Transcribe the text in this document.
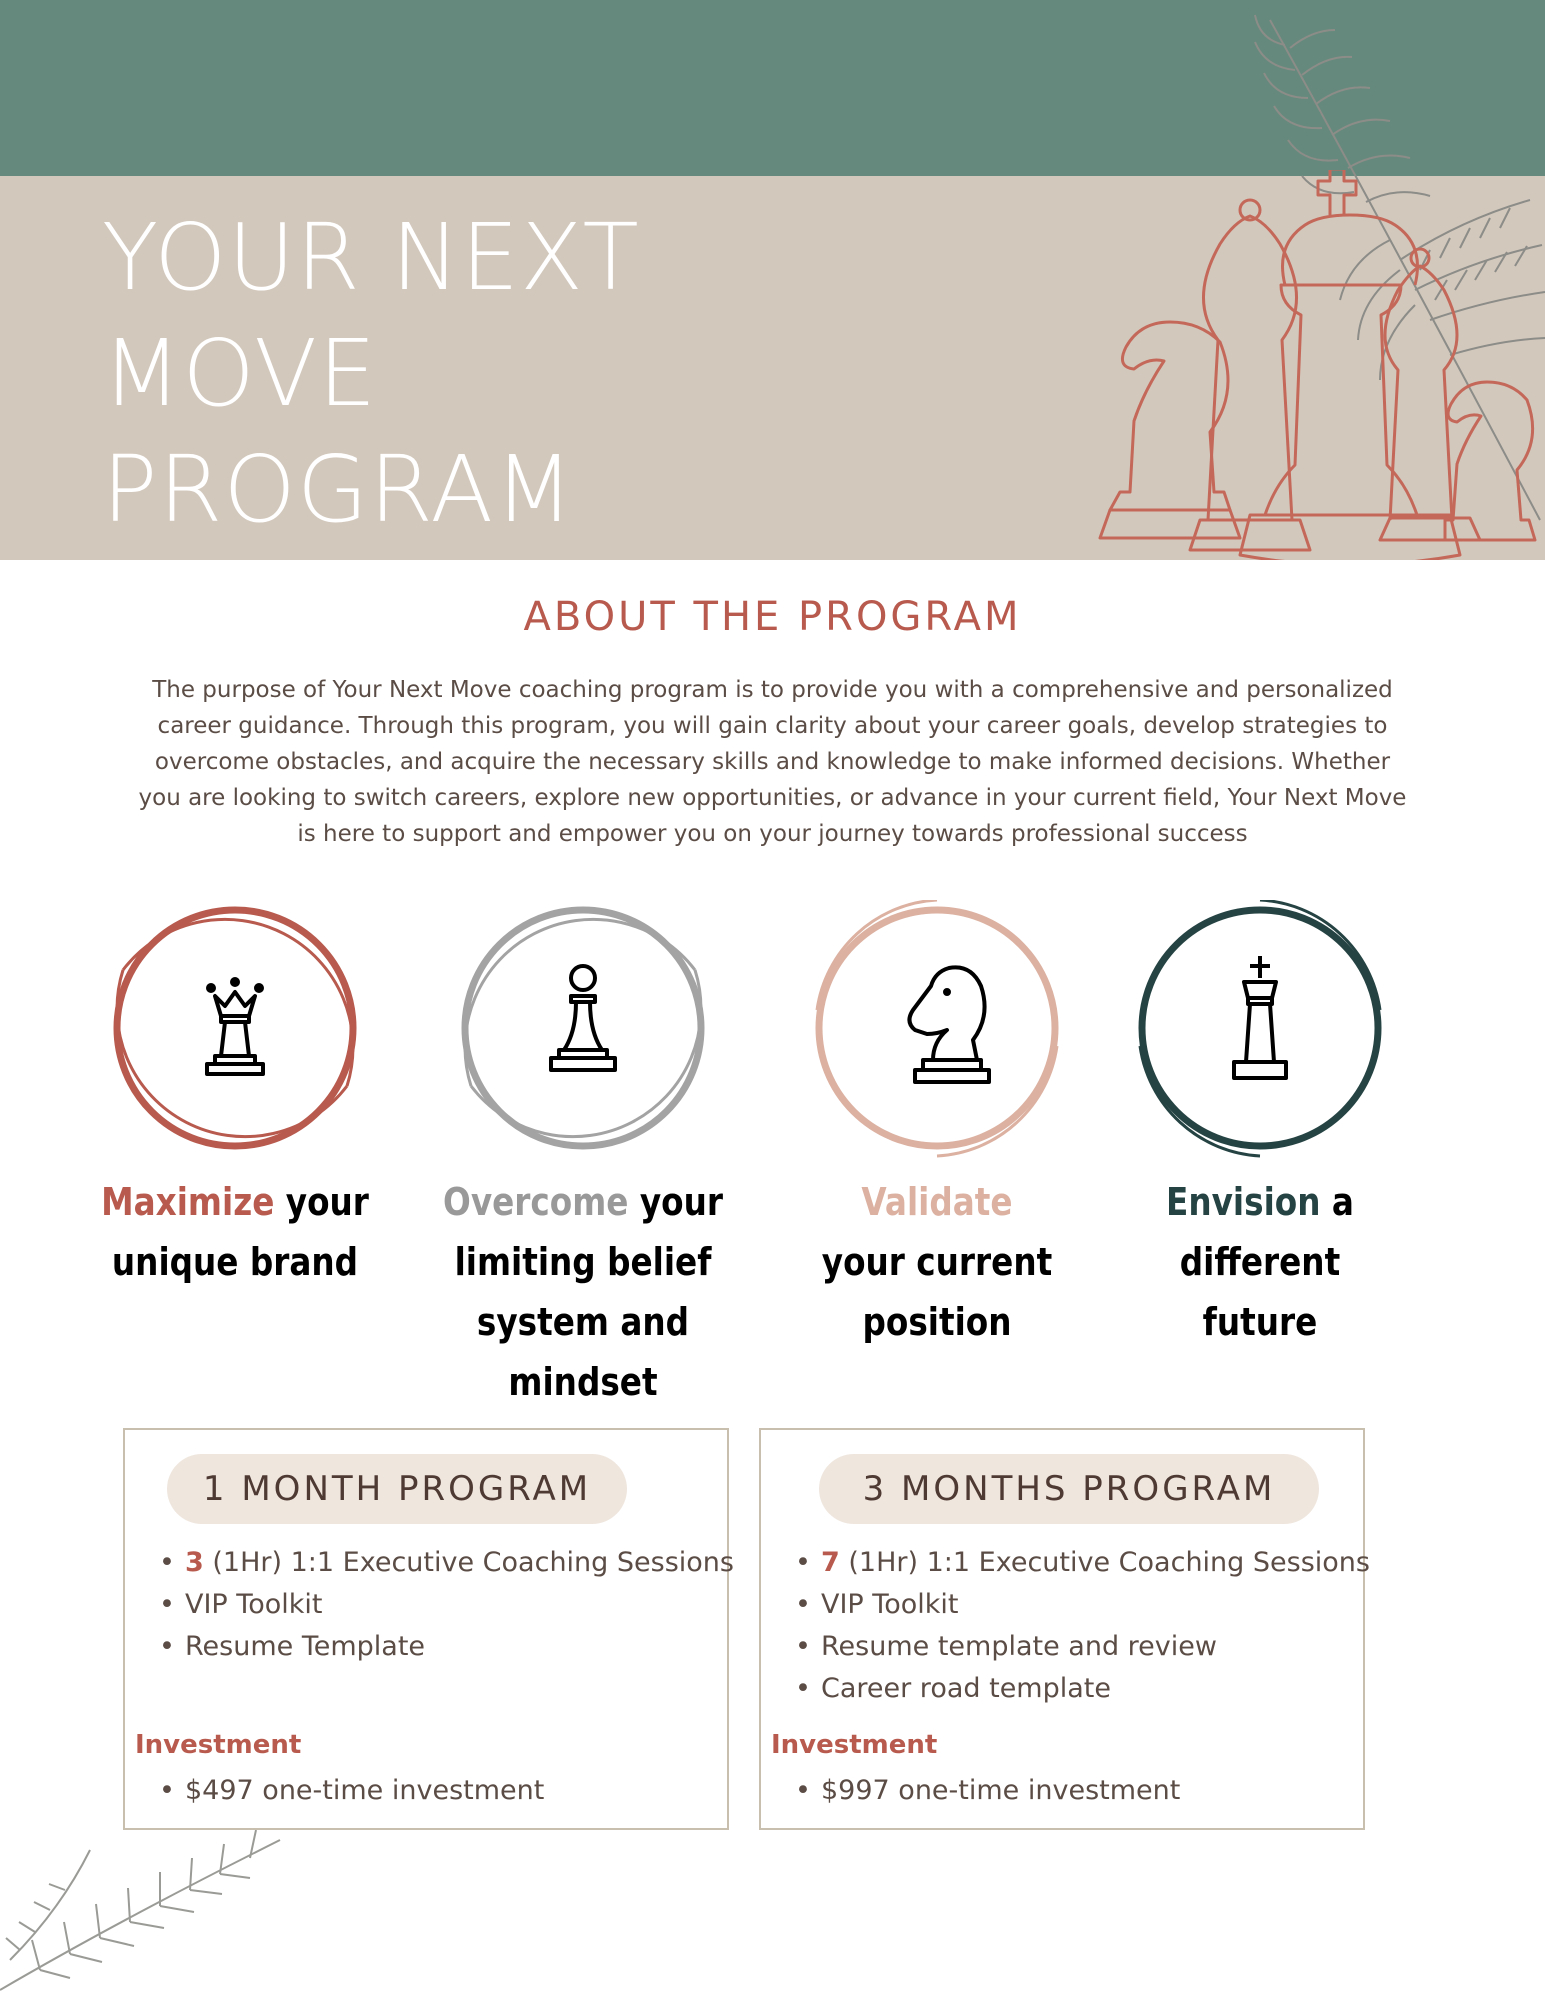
YOUR NEXT
MOVE
PROGRAM
ABOUT THE PROGRAM

The purpose of Your Next Move coaching program is to provide you with a comprehensive and personalized career guidance. Through this program, you will gain clarity about your career goals, develop strategies to overcome obstacles, and acquire the necessary skills and knowledge to make informed decisions. Whether you are looking to switch careers, explore new opportunities, or advance in your current field, Your Next Move is here to support and empower you on your journey towards professional success

Maximize your
unique brand
Overcome your
limiting belief
system and
mindset
Validate
your current
position
Envision a
different
future
1 MONTH PROGRAM
• 3 (1Hr) 1:1 Executive Coaching Sessions
• VIP Toolkit
• Resume Template
Investment
• $497 one-time investment
3 MONTHS PROGRAM
• 7 (1Hr) 1:1 Executive Coaching Sessions
• VIP Toolkit
• Resume template and review
• Career road template
Investment
• $997 one-time investment
